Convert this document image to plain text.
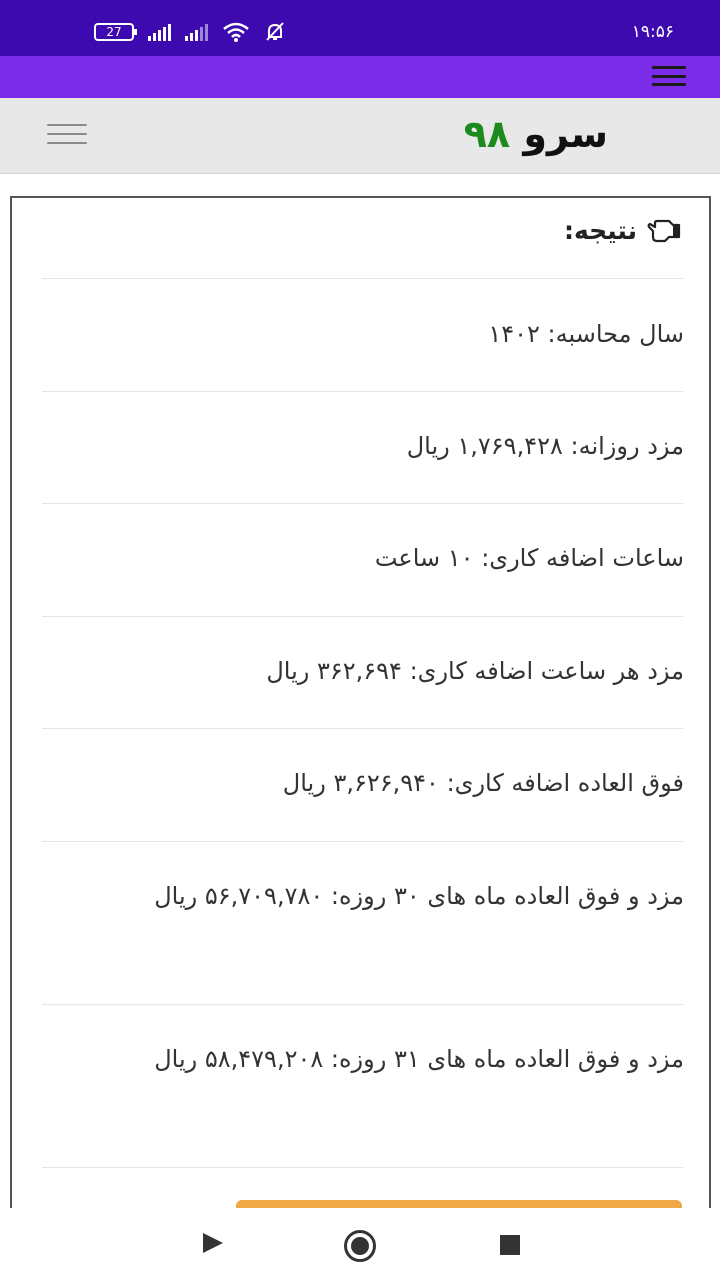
27	۱۹:۵۶
سرو ۹۸
نتیجه:
سال محاسبه: ۱۴۰۲
مزد روزانه: ۱,۷۶۹,۴۲۸ ریال
ساعات اضافه کاری: ۱۰ ساعت
مزد هر ساعت اضافه کاری: ۳۶۲,۶۹۴ ریال
فوق العاده اضافه کاری: ۳,۶۲۶,۹۴۰ ریال
مزد و فوق العاده ماه های ۳۰ روزه: ۵۶,۷۰۹,۷۸۰ ریال
مزد و فوق العاده ماه های ۳۱ روزه: ۵۸,۴۷۹,۲۰۸ ریال
